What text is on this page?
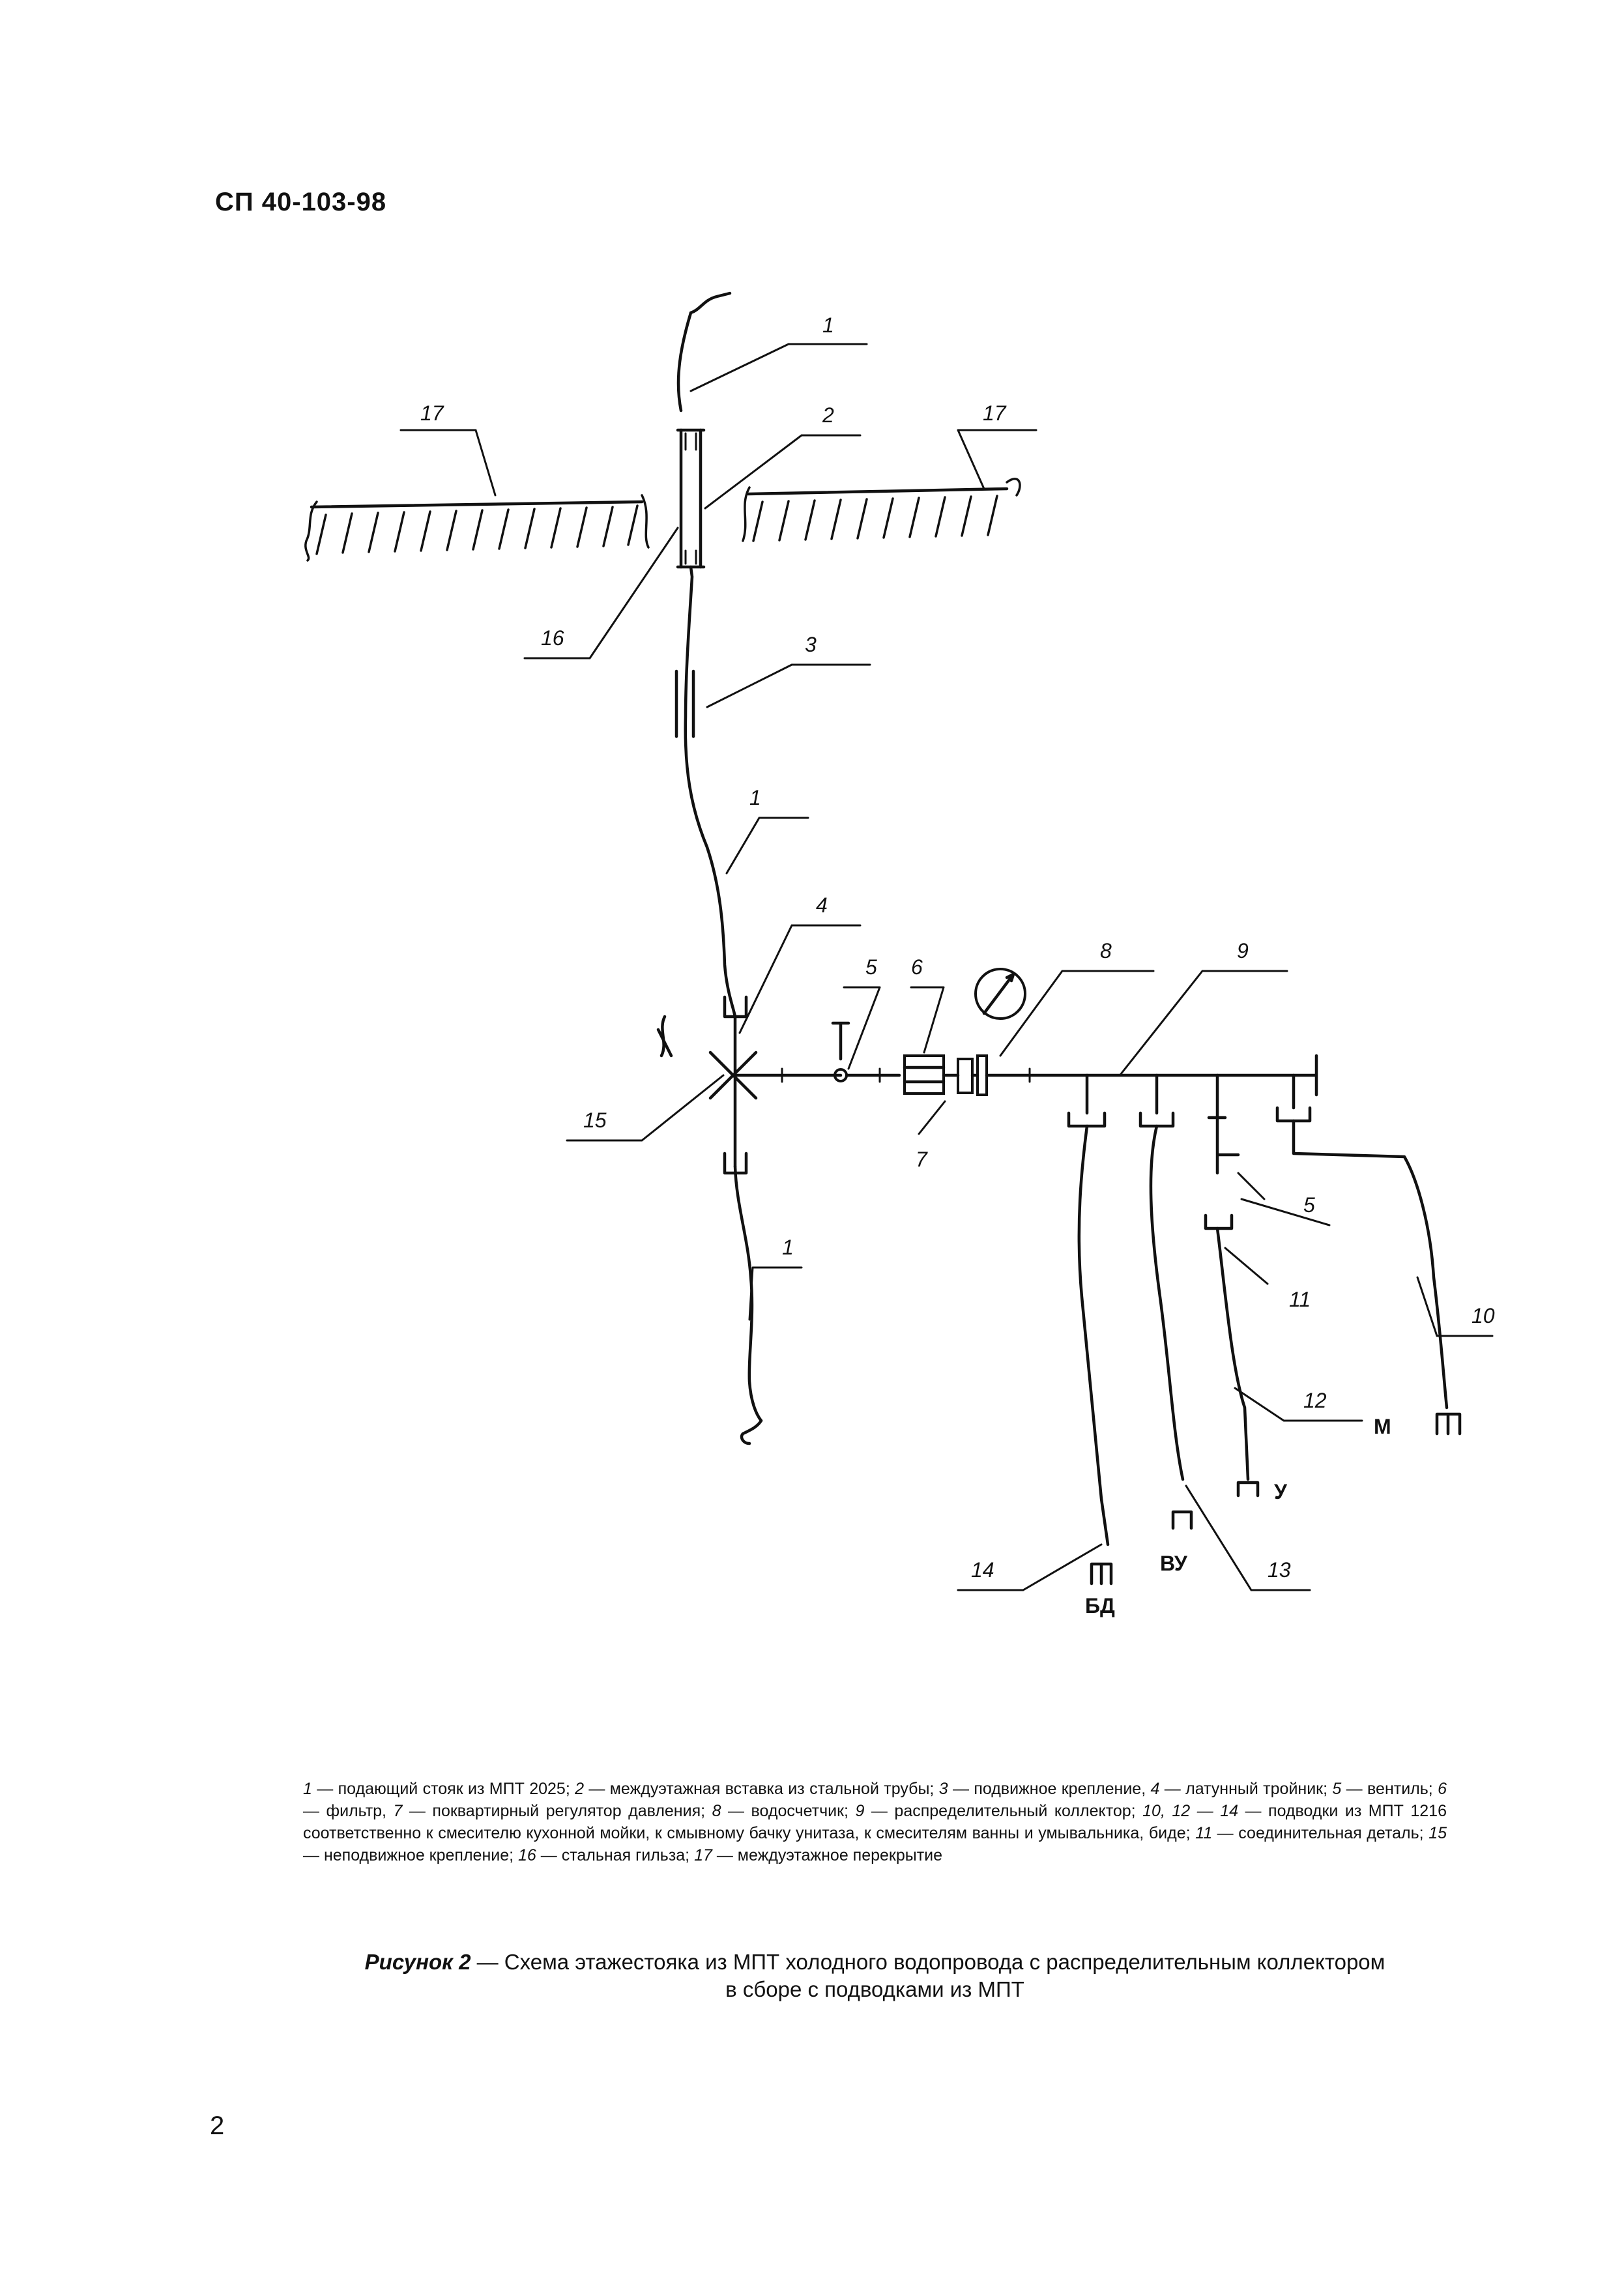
СП 40-103-98
1
2
17	17
16	3
1
4
5 6
8	9
15
7
5
11
10
1
12
14	13
М
У
ВУ
БД
1 — подающий стояк из МПТ 2025; 2 — междуэтажная вставка из стальной трубы; 3 — подвижное крепление, 4 — латунный тройник; 5 — вентиль; 6 — фильтр, 7 — поквартирный регулятор давления; 8 — водосчетчик; 9 — распределительный коллектор; 10, 12 — 14 — подводки из МПТ 1216 соответственно к смесителю кухонной мойки, к смывному бачку унитаза, к смесителям ванны и умывальника, биде; 11 — соединительная деталь; 15 — неподвижное крепление; 16 — стальная гильза; 17 — междуэтажное перекрытие
Рисунок 2 — Схема этажестояка из МПТ холодного водопровода с распределительным коллектором
в сборе с подводками из МПТ
2
